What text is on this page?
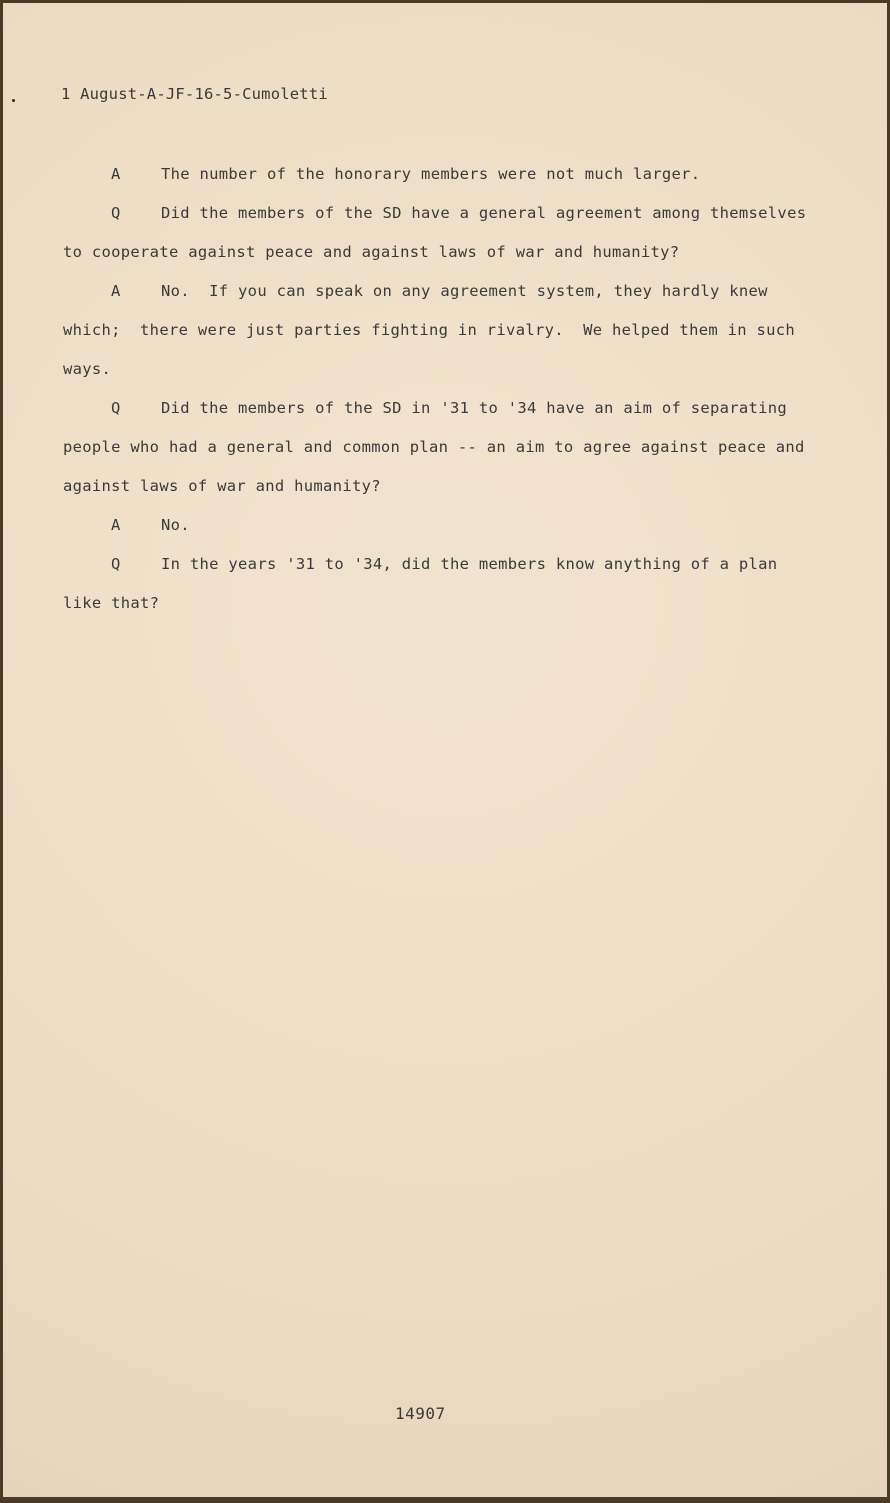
1 August-A-JF-16-5-Cumoletti
A	The number of the honorary members were not much larger.
Q	Did the members of the SD have a general agreement among themselves
to cooperate against peace and against laws of war and humanity?
A	No.  If you can speak on any agreement system, they hardly knew
which;  there were just parties fighting in rivalry.  We helped them in such
ways.
Q	Did the members of the SD in '31 to '34 have an aim of separating
people who had a general and common plan -- an aim to agree against peace and
against laws of war and humanity?
A	No.
Q	In the years '31 to '34, did the members know anything of a plan
like that?
14907
